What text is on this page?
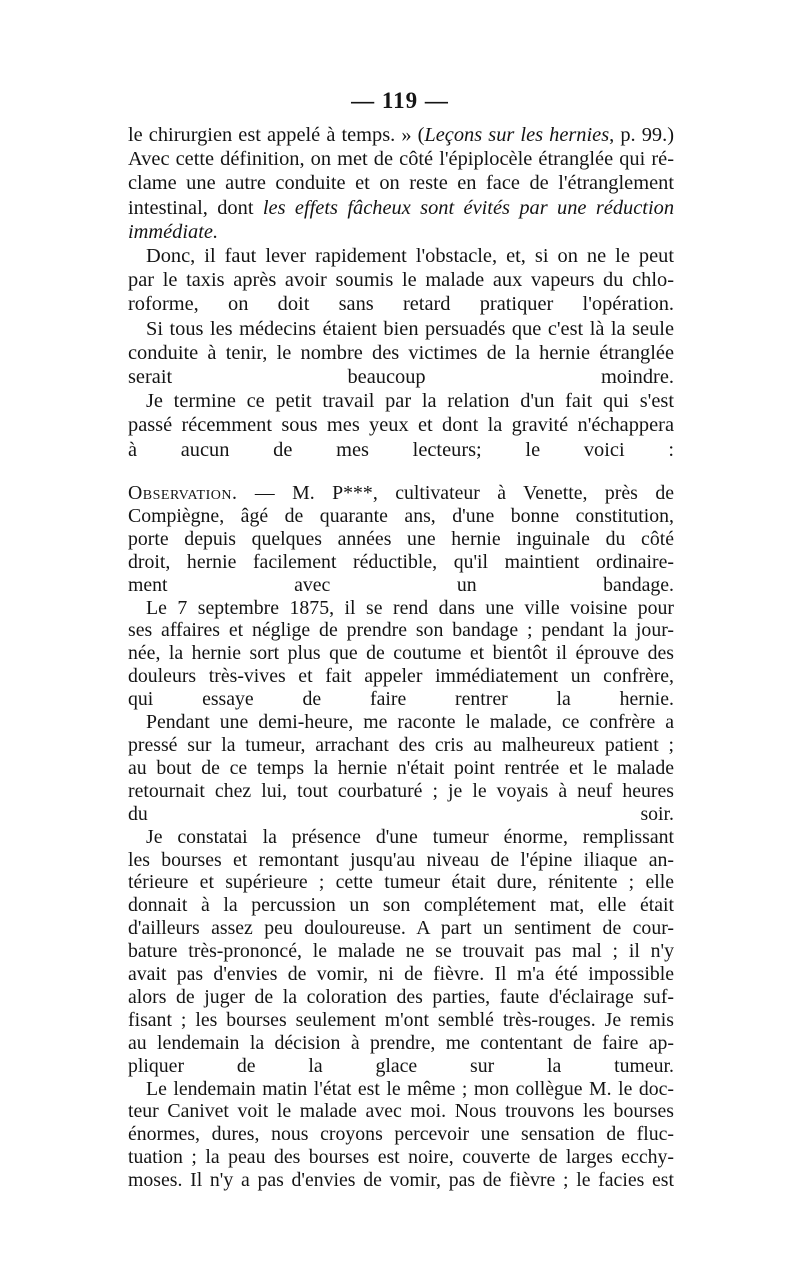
— 119 —

le chirurgien est appelé à temps. » (Leçons sur les hernies, p. 99.)
Avec cette définition, on met de côté l'épiplocèle étranglée qui ré-
clame une autre conduite et on reste en face de l'étranglement
intestinal, dont les effets fâcheux sont évités par une réduction
immédiate.

Donc, il faut lever rapidement l'obstacle, et, si on ne le peut
par le taxis après avoir soumis le malade aux vapeurs du chlo-
roforme, on doit sans retard pratiquer l'opération.

Si tous les médecins étaient bien persuadés que c'est là la seule
conduite à tenir, le nombre des victimes de la hernie étranglée
serait beaucoup moindre.

Je termine ce petit travail par la relation d'un fait qui s'est
passé récemment sous mes yeux et dont la gravité n'échappera
à aucun de mes lecteurs; le voici :

Observation. — M. P***, cultivateur à Venette, près de
Compiègne, âgé de quarante ans, d'une bonne constitution,
porte depuis quelques années une hernie inguinale du côté
droit, hernie facilement réductible, qu'il maintient ordinaire-
ment avec un bandage.

Le 7 septembre 1875, il se rend dans une ville voisine pour
ses affaires et néglige de prendre son bandage ; pendant la jour-
née, la hernie sort plus que de coutume et bientôt il éprouve des
douleurs très-vives et fait appeler immédiatement un confrère,
qui essaye de faire rentrer la hernie.

Pendant une demi-heure, me raconte le malade, ce confrère a
pressé sur la tumeur, arrachant des cris au malheureux patient ;
au bout de ce temps la hernie n'était point rentrée et le malade
retournait chez lui, tout courbaturé ; je le voyais à neuf heures
du soir.

Je constatai la présence d'une tumeur énorme, remplissant
les bourses et remontant jusqu'au niveau de l'épine iliaque an-
térieure et supérieure ; cette tumeur était dure, rénitente ; elle
donnait à la percussion un son complétement mat, elle était
d'ailleurs assez peu douloureuse. A part un sentiment de cour-
bature très-prononcé, le malade ne se trouvait pas mal ; il n'y
avait pas d'envies de vomir, ni de fièvre. Il m'a été impossible
alors de juger de la coloration des parties, faute d'éclairage suf-
fisant ; les bourses seulement m'ont semblé très-rouges. Je remis
au lendemain la décision à prendre, me contentant de faire ap-
pliquer de la glace sur la tumeur.

Le lendemain matin l'état est le même ; mon collègue M. le doc-
teur Canivet voit le malade avec moi. Nous trouvons les bourses
énormes, dures, nous croyons percevoir une sensation de fluc-
tuation ; la peau des bourses est noire, couverte de larges ecchy-
moses. Il n'y a pas d'envies de vomir, pas de fièvre ; le facies est
